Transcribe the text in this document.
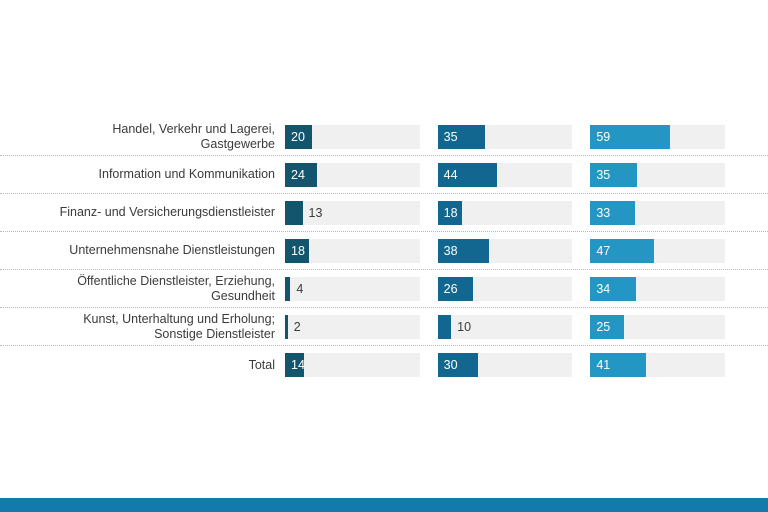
Handel, Verkehr und Lagerei,
Gastgewerbe	20	35	59
Information und Kommunikation	24	44	35
Finanz- und Versicherungsdienstleister	13	18	33
Unternehmensnahe Dienstleistungen	18	38	47
Öffentliche Dienstleister, Erziehung,
Gesundheit	4	26	34
Kunst, Unterhaltung und Erholung;
Sonstige Dienstleister	2	10	25
Total	14	30	41
